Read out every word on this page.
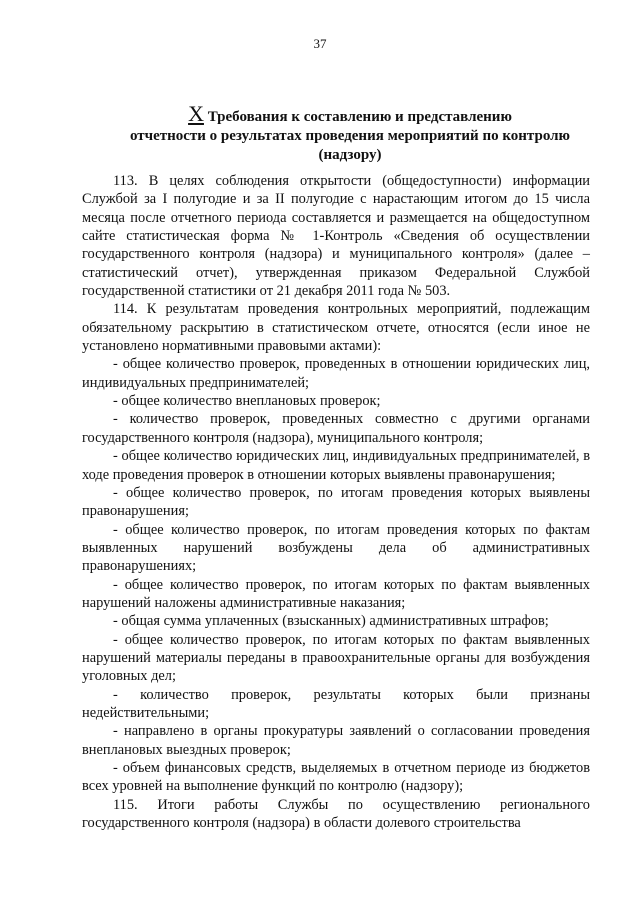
37
X Требования к составлению и представлению
отчетности о результатах проведения мероприятий по контролю
(надзору)

113. В целях соблюдения открытости (общедоступности) информации Службой за I полугодие и за II полугодие с нарастающим итогом до 15 числа месяца после отчетного периода составляется и размещается на общедоступном сайте статистическая форма № 1-Контроль «Сведения об осуществлении государственного контроля (надзора) и муниципального контроля» (далее – статистический отчет), утвержденная приказом Федеральной Службой государственной статистики от 21 декабря 2011 года № 503.

114. К результатам проведения контрольных мероприятий, подлежащим обязательному раскрытию в статистическом отчете, относятся (если иное не установлено нормативными правовыми актами):

- общее количество проверок, проведенных в отношении юридических лиц, индивидуальных предпринимателей;

- общее количество внеплановых проверок;

- количество проверок, проведенных совместно с другими органами государственного контроля (надзора), муниципального контроля;

- общее количество юридических лиц, индивидуальных предпринимателей, в ходе проведения проверок в отношении которых выявлены правонарушения;

- общее количество проверок, по итогам проведения которых выявлены правонарушения;

- общее количество проверок, по итогам проведения которых по фактам выявленных нарушений возбуждены дела об административных правонарушениях;

- общее количество проверок, по итогам которых по фактам выявленных нарушений наложены административные наказания;

- общая сумма уплаченных (взысканных) административных штрафов;

- общее количество проверок, по итогам которых по фактам выявленных нарушений материалы переданы в правоохранительные органы для возбуждения уголовных дел;

- количество проверок, результаты которых были признаны недействительными;

- направлено в органы прокуратуры заявлений о согласовании проведения внеплановых выездных проверок;

- объем финансовых средств, выделяемых в отчетном периоде из бюджетов всех уровней на выполнение функций по контролю (надзору);

115. Итоги работы Службы по осуществлению регионального государственного контроля (надзора) в области долевого строительства
